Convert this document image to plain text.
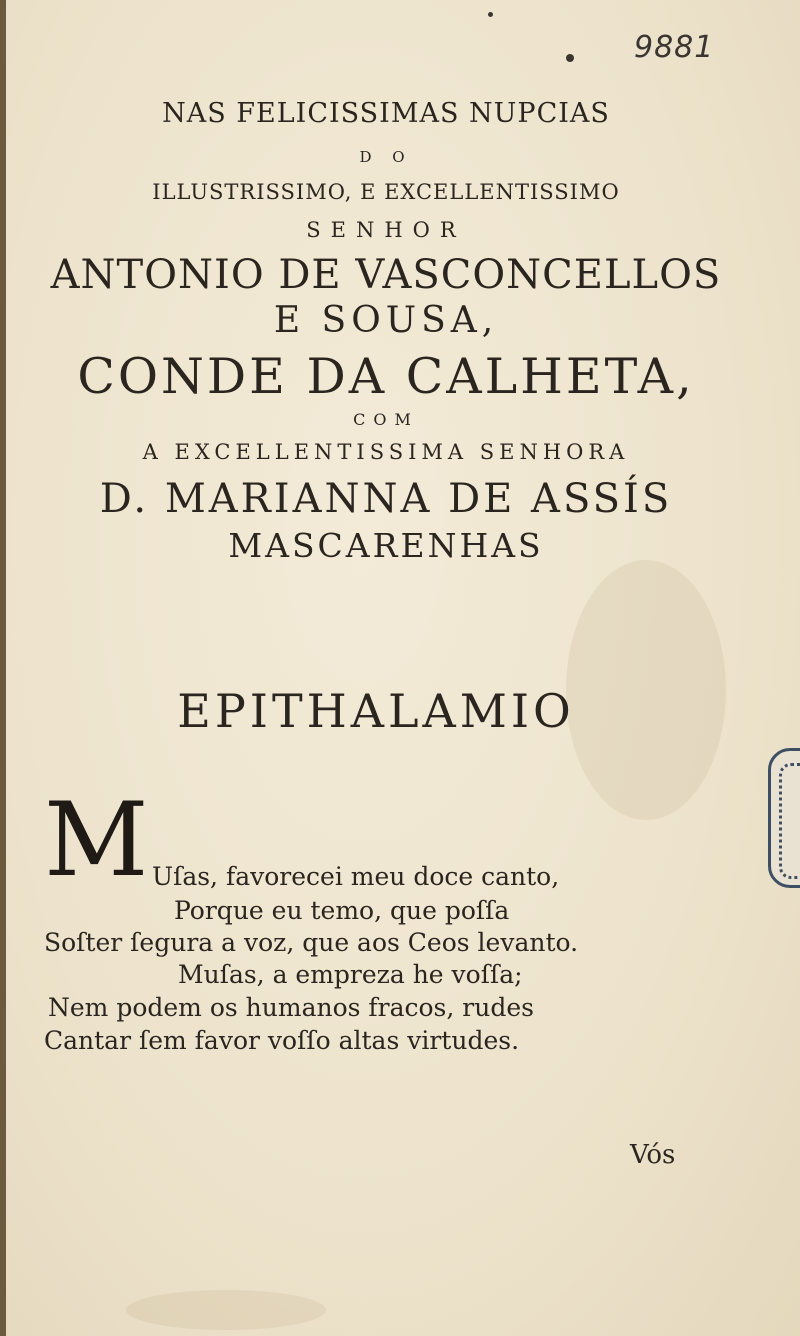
9881
NAS FELICISSIMAS NUPCIAS
D O
ILLUSTRISSIMO, E EXCELLENTISSIMO
SENHOR
ANTONIO DE VASCONCELLOS
E SOUSA,
CONDE DA CALHETA,
COM
A EXCELLENTISSIMA SENHORA
D. MARIANNA DE ASSÍS
MASCARENHAS
EPITHALAMIO
M Uſas, favorecei meu doce canto,
Porque eu temo, que poſſa
Soſter ſegura a voz, que aos Ceos levanto.
Muſas, a empreza he voſſa;
Nem podem os humanos fracos, rudes
Cantar ſem favor voſſo altas virtudes.
Vós
